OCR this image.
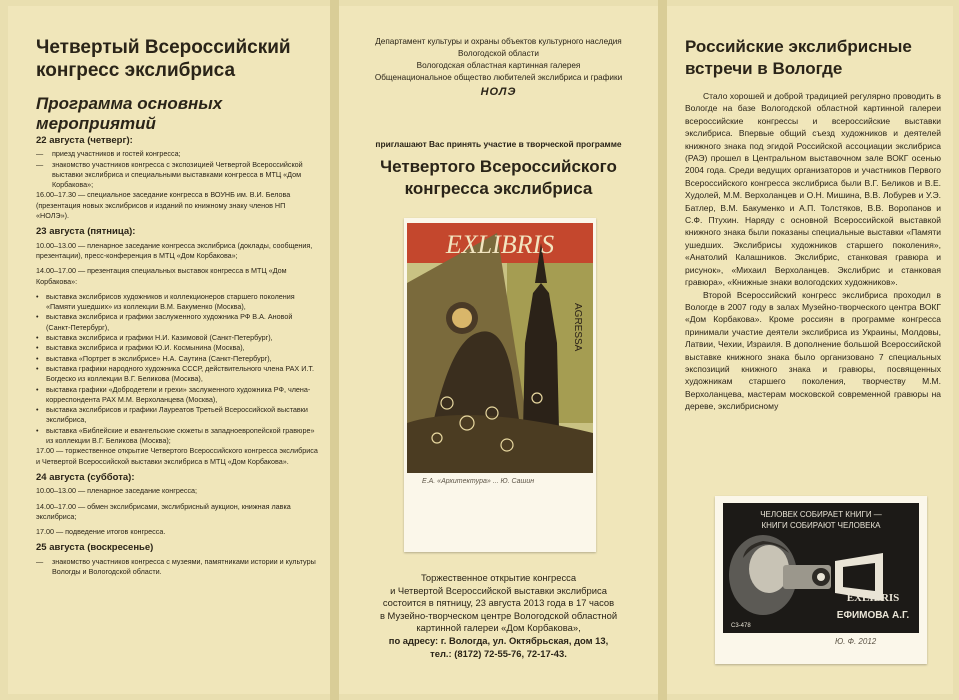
Четвертый Всероссийский конгресс экслибриса
Программа основных мероприятий
22 августа (четверг):
— приезд участников и гостей конгресса;
— знакомство участников конгресса с экспозицией Четвертой Всероссийской выставки экслибриса и специальными выставками конгресса в МТЦ «Дом Корбакова»;
16.00–17.30 — специальное заседание конгресса в ВОУНБ им. В.И. Белова (презентация новых экслибрисов и изданий по книжному знаку членов НП «НОЛЭ»).
23 августа (пятница):
10.00–13.00 — пленарное заседание конгресса экслибриса (доклады, сообщения, презентации), пресс-конференция в МТЦ «Дом Корбакова»;
14.00–17.00 — презентация специальных выставок конгресса в МТЦ «Дом Корбакова»:
• выставка экслибрисов художников и коллекционеров старшего поколения «Памяти ушедших» из коллекции В.М. Бакуменко (Москва),
• выставка экслибриса и графики заслуженного художника РФ В.А. Ановой (Санкт-Петербург),
• выставка экслибриса и графики Н.И. Казимовой (Санкт-Петербург),
• выставка экслибриса и графики Ю.И. Космынина (Москва),
• выставка «Портрет в экслибрисе» Н.А. Саутина (Санкт-Петербург),
• выставка графики народного художника СССР, действительного члена РАХ И.Т. Богдеско из коллекции В.Г. Беликова (Москва),
• выставка графики «Добродетели и грехи» заслуженного художника РФ, члена-корреспондента РАХ М.М. Верхоланцева (Москва),
• выставка экслибрисов и графики Лауреатов Третьей Всероссийской выставки экслибриса,
• выставка «Библейские и евангельские сюжеты в западноевропейской гравюре» из коллекции В.Г. Беликова (Москва);
17.00 — торжественное открытие Четвертого Всероссийского конгресса экслибриса и Четвертой Всероссийской выставки экслибриса в МТЦ «Дом Корбакова».
24 августа (суббота):
10.00–13.00 — пленарное заседание конгресса;
14.00–17.00 — обмен экслибрисами, экслибрисный аукцион, книжная лавка экслибриса;
17.00 — подведение итогов конгресса.
25 августа (воскресенье)
— знакомство участников конгресса с музеями, памятниками истории и культуры Вологды и Вологодской области.
Департамент культуры и охраны объектов культурного наследия
Вологодской области
Вологодская областная картинная галерея
Общенациональное общество любителей экслибриса и графики
НОЛЭ
приглашают Вас принять участие в творческой программе
Четвертого Всероссийского конгресса экслибриса
EXLIBRIS
AGRESSA
Е.А. «Архитектура» ... Ю. Сашин
Торжественное открытие конгресса
и Четвертой Всероссийской выставки экслибриса
состоится в пятницу, 23 августа 2013 года в 17 часов
в Музейно-творческом центре Вологодской областной
картинной галереи «Дом Корбакова»,
по адресу: г. Вологда, ул. Октябрьская, дом 13,
тел.: (8172) 72-55-76, 72-17-43.
Российские экслибрисные встречи в Вологде

Стало хорошей и доброй традицией регулярно проводить в Вологде на базе Вологодской областной картинной галереи всероссийские конгрессы и всероссийские выставки экслибриса. Впервые общий съезд художников и деятелей книжного знака под эгидой Российской ассоциации экслибриса (РАЭ) прошел в Центральном выставочном зале ВОКГ осенью 2004 года. Среди ведущих организаторов и участников Первого Всероссийского конгресса экслибриса были В.Г. Беликов и В.Е. Худолей, М.М. Верхоланцев и О.Н. Мишина, В.В. Лобурев и У.Э. Батлер, В.М. Бакуменко и А.П. Толстяков, В.В. Воропанов и С.Ф. Птухин. Наряду с основной Всероссийской выставкой книжного знака были показаны специальные выставки «Памяти ушедших. Экслибрисы художников старшего поколения», «Анатолий Калашников. Экслибрис, станковая гравюра и рисунок», «Михаил Верхоланцев. Экслибрис и станковая гравюра», «Книжные знаки вологодских художников».

Второй Всероссийский конгресс экслибриса проходил в Вологде в 2007 году в залах Музейно-творческого центра ВОКГ «Дом Корбакова». Кроме россиян в программе конгресса принимали участие деятели экслибриса из Украины, Молдовы, Латвии, Чехии, Израиля. В дополнение большой Всероссийской выставке книжного знака было организовано 7 специальных экспозиций книжного знака и гравюры, посвященных художникам старшего поколения, творчеству М.М. Верхоланцева, мастерам московской современной гравюры на дереве, экслибрисному

ЧЕЛОВЕК СОБИРАЕТ КНИГИ —
КНИГИ СОБИРАЮТ ЧЕЛОВЕКА
EXLIBRIS
ЕФИМОВА А.Г.
С3-478
Ю. Ф. 2012
